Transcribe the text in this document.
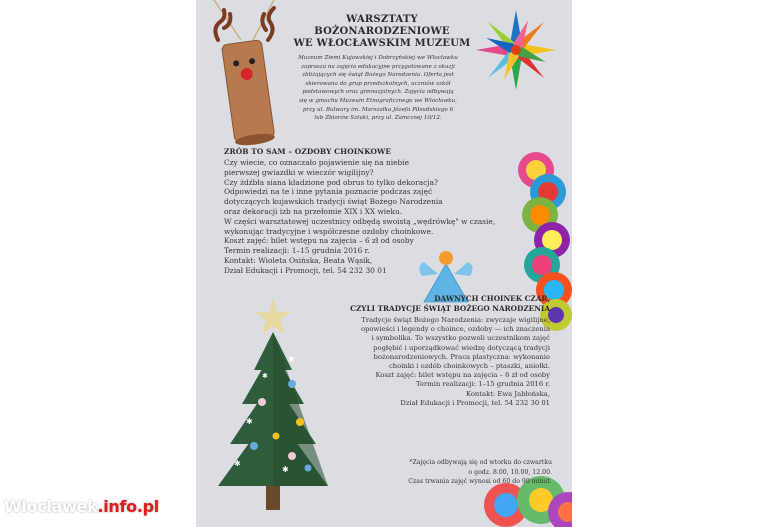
✱
✱
✱
✱
✱
WARSZTATY
BOŻONARODZENIOWE
WE WŁOCŁAWSKIM MUZEUM
Muzeum Ziemi Kujawskiej i Dobrzyńskiej we Włocławku
zaprasza na zajęcia edukacyjne przygotowane z okazji
zbliżających się świąt Bożego Narodzenia. Oferta jest
skierowana do grup przedszkolnych, uczniów szkół
podstawowych oraz gimnazjalnych. Zajęcia odbywają
się w gmachu Muzeum Etnograficznego we Włocławku,
przy ul. Bulwary im. Marszałka Józefa Piłsudskiego 6
lub Zbiorów Sztuki, przy ul. Zamcznej 10/12.
ZRÓB TO SAM – OZDOBY CHOINKOWE
Czy wiecie, co oznaczało pojawienie się na niebie
pierwszej gwiazdki w wieczór wigilijny?
Czy źdźbła siana kładzione pod obrus to tylko dekoracja?
Odpowiedzi na te i inne pytania poznacie podczas zajęć
dotyczących kujawskich tradycji świąt Bożego Narodzenia
oraz dekoracji izb na przełomie XIX i XX wieku.
W części warsztatowej uczestnicy odbędą swoistą „wędrówkę" w czasie,
wykonując tradycyjne i współczesne ozdoby choinkowe.
Koszt zajęć: bilet wstępu na zajęcia – 6 zł od osoby
Termin realizacji: 1–15 grudnia 2016 r.
Kontakt: Wioleta Osińska, Beata Wąsik,
Dział Edukacji i Promocji, tel. 54 232 30 01
DAWNYCH CHOINEK CZAR,
CZYLI TRADYCJE ŚWIĄT BOŻEGO NARODZENIA
Tradycje świąt Bożego Narodzenia: zwyczaje wigilijne,
opowieści i legendy o choince, ozdoby — ich znaczenia
i symbolika. To wszystko pozwoli uczestnikom zajęć
pogłębić i uporządkować wiedzę dotyczącą tradycji
bożonarodzeniowych. Praca plastyczna: wykonanie
choinki i ozdób choinkowych – ptaszki, aniołki.
Koszt zajęć: bilet wstępu na zajęcia – 6 zł od osoby
Termin realizacji: 1–15 grudnia 2016 r.
Kontakt: Ewa Jabłońska,
Dział Edukacji i Promocji, tel. 54 232 30 01
*Zajęcia odbywają się od wtorku do czwartku
o godz. 8.00, 10.00, 12.00.
Czas trwania zajęć wynosi od 60 do 90 minut.
Wloclawek.info.pl
